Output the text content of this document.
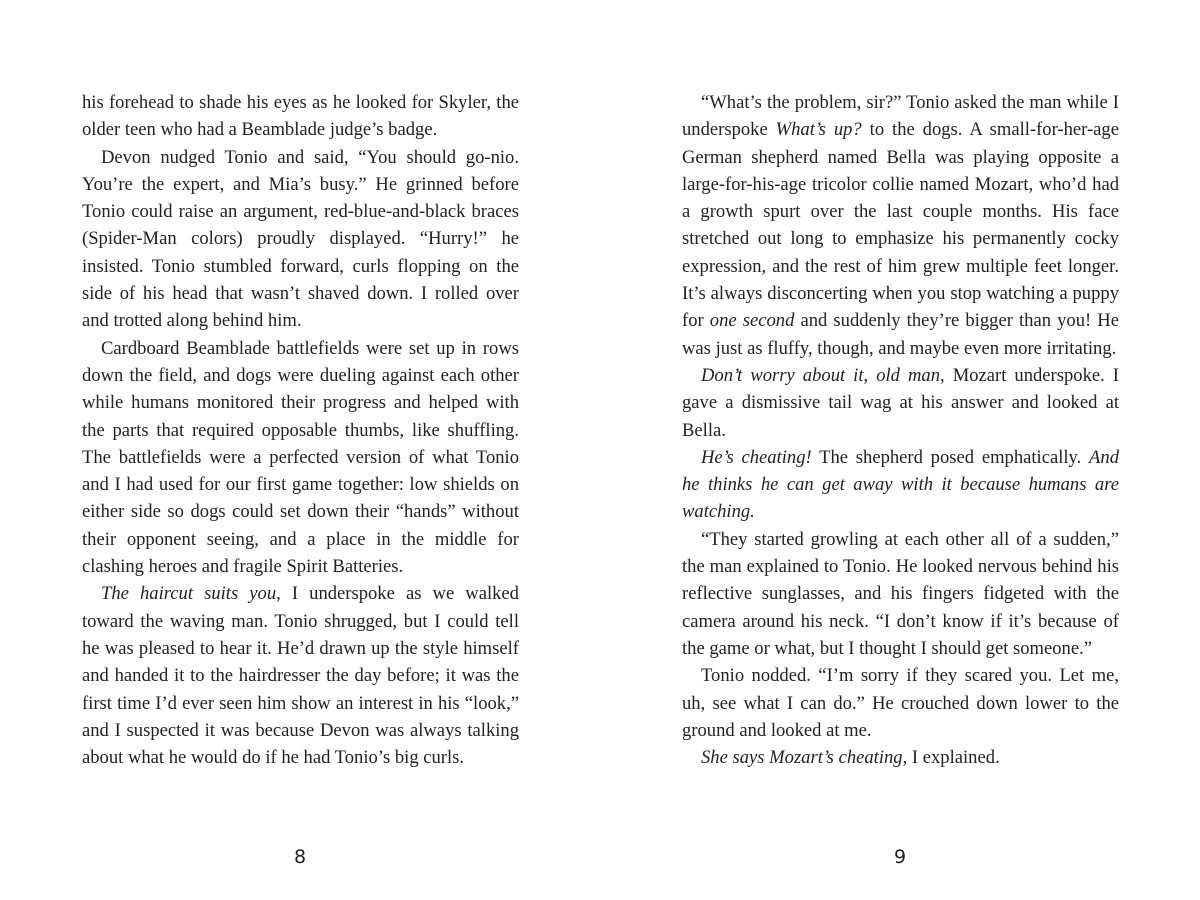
his forehead to shade his eyes as he looked for Skyler, the older teen who had a Beamblade judge’s badge.

Devon nudged Tonio and said, “You should go-nio. You’re the expert, and Mia’s busy.” He grinned before Tonio could raise an argument, red-blue-and-black braces (Spider-Man colors) proudly displayed. “Hurry!” he insisted. Tonio stumbled forward, curls flopping on the side of his head that wasn’t shaved down. I rolled over and trotted along behind him.

Cardboard Beamblade battlefields were set up in rows down the field, and dogs were dueling against each other while humans monitored their progress and helped with the parts that required opposable thumbs, like shuffling. The battlefields were a perfected version of what Tonio and I had used for our first game together: low shields on either side so dogs could set down their “hands” without their opponent seeing, and a place in the middle for clashing heroes and fragile Spirit Batteries.

The haircut suits you, I underspoke as we walked toward the waving man. Tonio shrugged, but I could tell he was pleased to hear it. He’d drawn up the style himself and handed it to the hairdresser the day before; it was the first time I’d ever seen him show an interest in his “look,” and I suspected it was because Devon was always talking about what he would do if he had Tonio’s big curls.

“What’s the problem, sir?” Tonio asked the man while I underspoke What’s up? to the dogs. A small-for-her-age German shepherd named Bella was playing opposite a large-for-his-age tricolor collie named Mozart, who’d had a growth spurt over the last couple months. His face stretched out long to emphasize his permanently cocky expression, and the rest of him grew multiple feet longer. It’s always disconcerting when you stop watching a puppy for one second and suddenly they’re bigger than you! He was just as fluffy, though, and maybe even more irritating.

Don’t worry about it, old man, Mozart underspoke. I gave a dismissive tail wag at his answer and looked at Bella.

He’s cheating! The shepherd posed emphatically. And he thinks he can get away with it because humans are watching.

“They started growling at each other all of a sudden,” the man explained to Tonio. He looked nervous behind his reflective sunglasses, and his fingers fidgeted with the camera around his neck. “I don’t know if it’s because of the game or what, but I thought I should get someone.”

Tonio nodded. “I’m sorry if they scared you. Let me, uh, see what I can do.” He crouched down lower to the ground and looked at me.

She says Mozart’s cheating, I explained.

8	9
